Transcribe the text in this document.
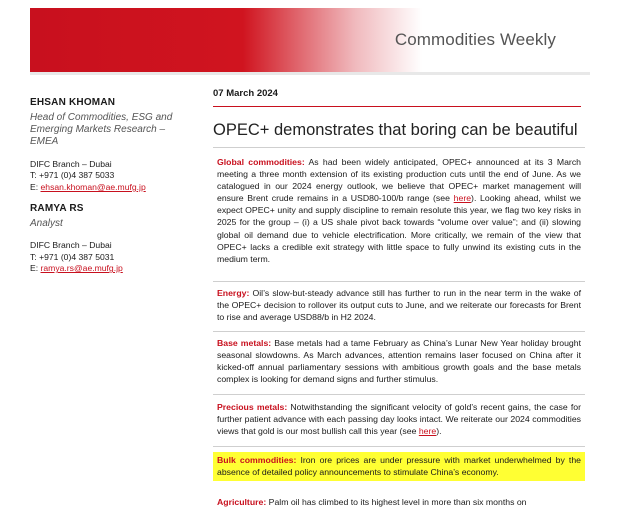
Commodities Weekly
EHSAN KHOMAN
Head of Commodities, ESG and Emerging Markets Research – EMEA
DIFC Branch – Dubai
T: +971 (0)4 387 5033
E: ehsan.khoman@ae.mufg.jp
RAMYA RS
Analyst
DIFC Branch – Dubai
T: +971 (0)4 387 5031
E: ramya.rs@ae.mufg.jp
07 March 2024
OPEC+ demonstrates that boring can be beautiful
Global commodities: As had been widely anticipated, OPEC+ announced at its 3 March meeting a three month extension of its existing production cuts until the end of June. As we catalogued in our 2024 energy outlook, we believe that OPEC+ market management will ensure Brent crude remains in a USD80-100/b range (see here). Looking ahead, whilst we expect OPEC+ unity and supply discipline to remain resolute this year, we flag two key risks in 2025 for the group – (i) a US shale pivot back towards “volume over value”; and (ii) slowing global oil demand due to vehicle electrification. More critically, we remain of the view that OPEC+ lacks a credible exit strategy with little space to fully unwind its existing cuts in the medium term.
Energy: Oil’s slow-but-steady advance still has further to run in the near term in the wake of the OPEC+ decision to rollover its output cuts to June, and we reiterate our forecasts for Brent to rise and average USD88/b in H2 2024.
Base metals: Base metals had a tame February as China’s Lunar New Year holiday brought seasonal slowdowns. As March advances, attention remains laser focused on China after it kicked-off annual parliamentary sessions with ambitious growth goals and the base metals complex is looking for demand signs and further stimulus.
Precious metals: Notwithstanding the significant velocity of gold’s recent gains, the case for further patient advance with each passing day looks intact. We reiterate our 2024 commodities views that gold is our most bullish call this year (see here).
Bulk commodities: Iron ore prices are under pressure with market underwhelmed by the absence of detailed policy announcements to stimulate China’s economy.
Agriculture: Palm oil has climbed to its highest level in more than six months on
